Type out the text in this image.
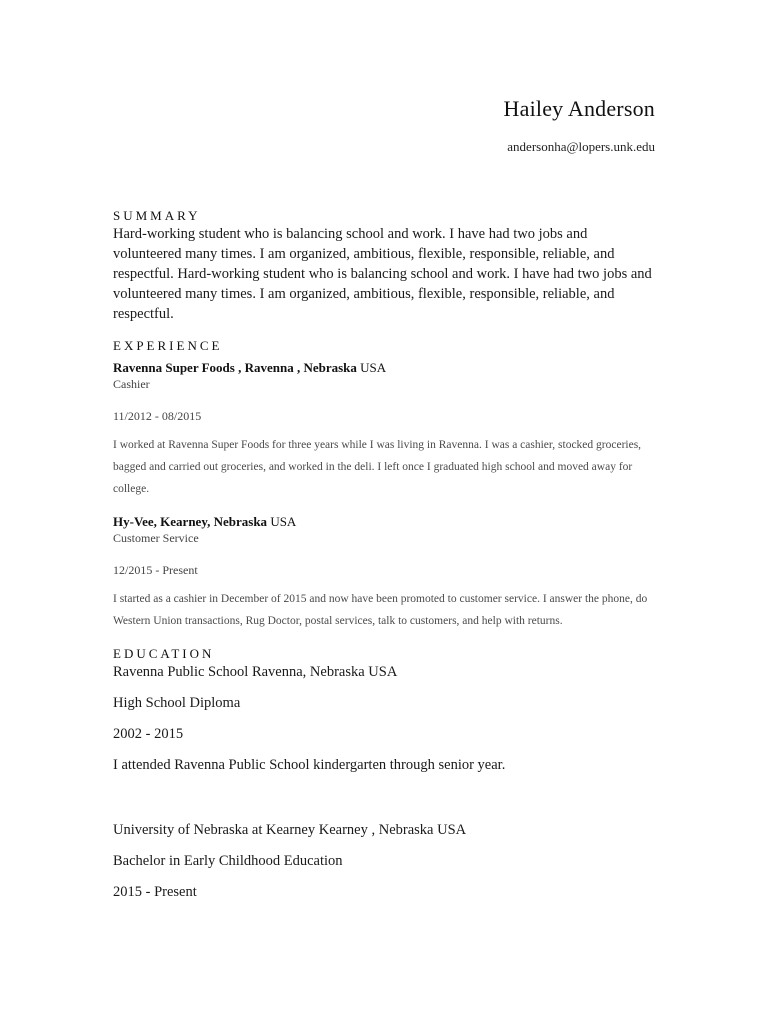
Hailey Anderson
andersonha@lopers.unk.edu
SUMMARY

Hard-working student who is balancing school and work. I have had two jobs and volunteered many times. I am organized, ambitious, flexible, responsible, reliable, and respectful. Hard-working student who is balancing school and work. I have had two jobs and volunteered many times. I am organized, ambitious, flexible, responsible, reliable, and respectful.

EXPERIENCE
Ravenna Super Foods , Ravenna , Nebraska USA
Cashier
11/2012 - 08/2015
I worked at Ravenna Super Foods for three years while I was living in Ravenna. I was a cashier, stocked groceries, bagged and carried out groceries, and worked in the deli. I left once I graduated high school and moved away for college.
Hy-Vee, Kearney, Nebraska USA
Customer Service
12/2015 - Present
I started as a cashier in December of 2015 and now have been promoted to customer service. I answer the phone, do Western Union transactions, Rug Doctor, postal services, talk to customers, and help with returns.
EDUCATION

Ravenna Public School Ravenna, Nebraska USA

High School Diploma

2002 - 2015

I attended Ravenna Public School kindergarten through senior year.

University of Nebraska at Kearney Kearney , Nebraska USA

Bachelor in Early Childhood Education

2015 - Present
